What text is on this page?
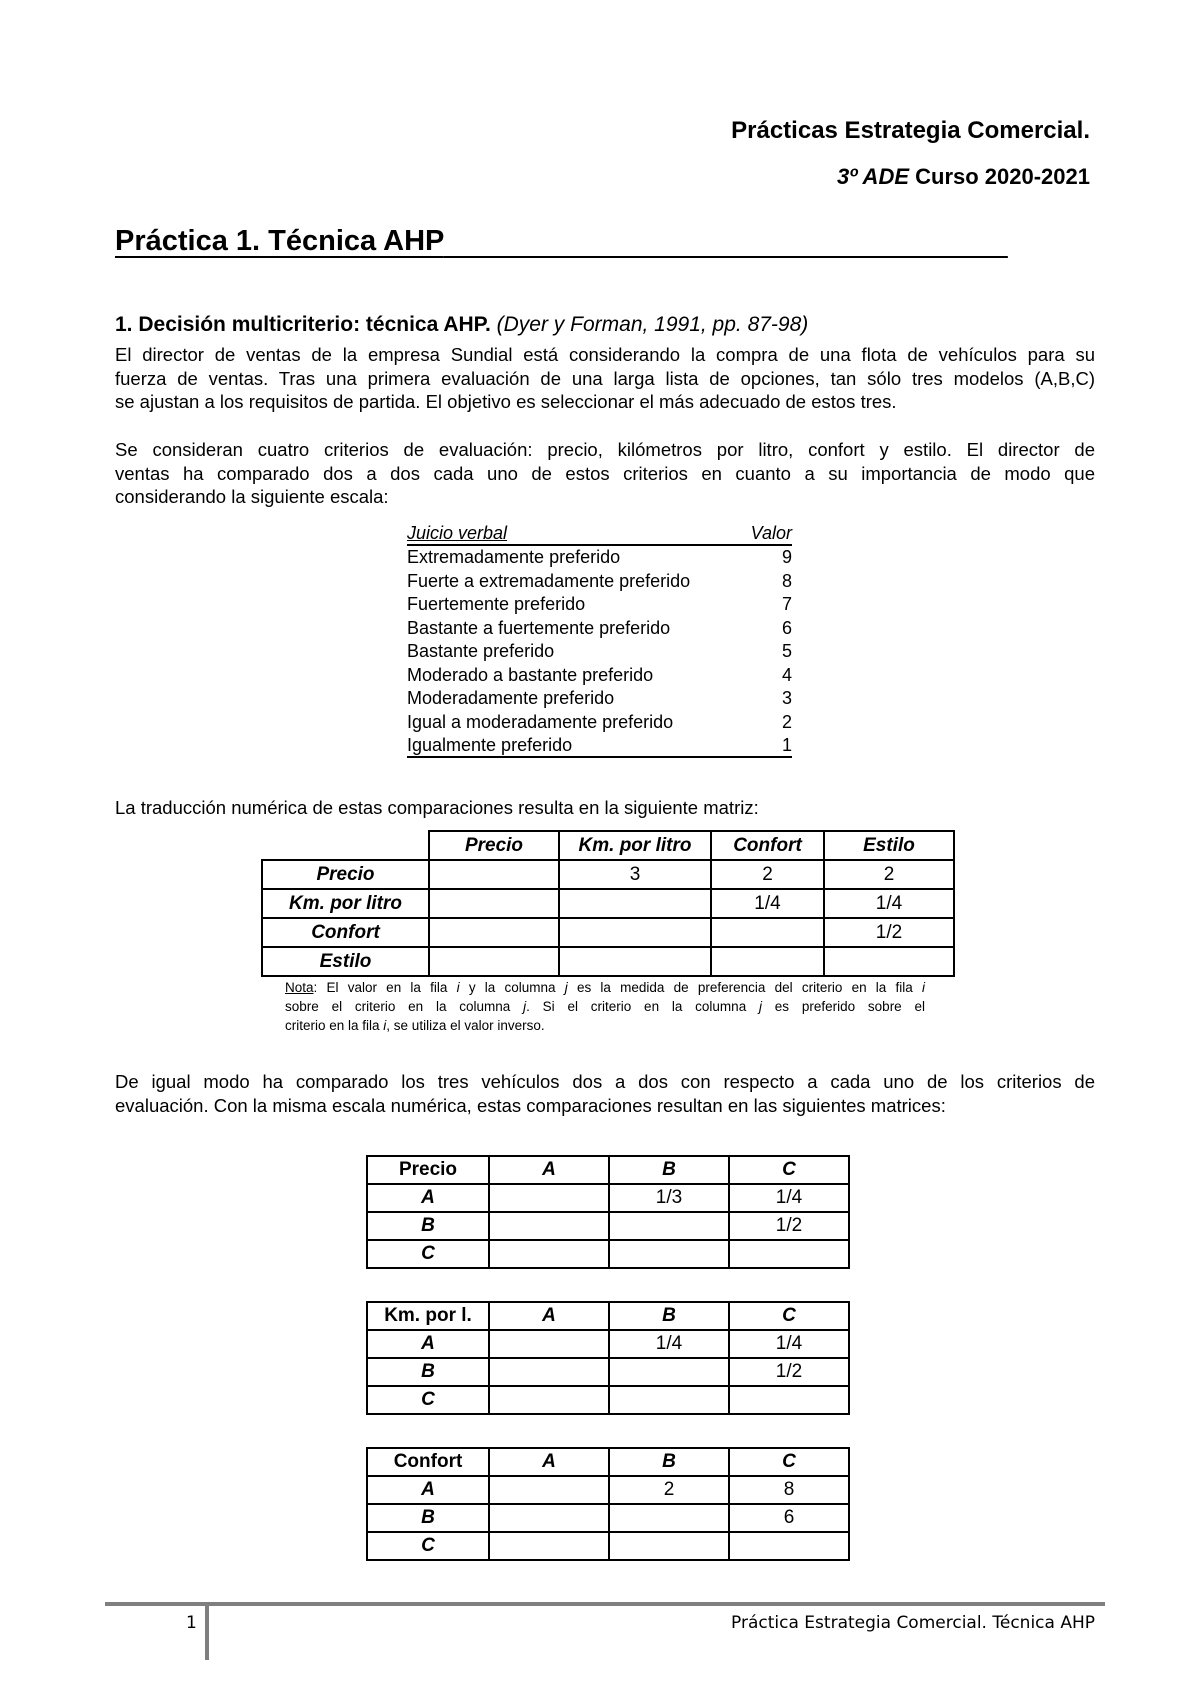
Prácticas Estrategia Comercial.
3º ADE Curso 2020-2021
Práctica 1. Técnica AHP
1. Decisión multicriterio: técnica AHP. (Dyer y Forman, 1991, pp. 87-98)
El director de ventas de la empresa Sundial está considerando la compra de una flota de vehículos para su
fuerza de ventas. Tras una primera evaluación de una larga lista de opciones, tan sólo tres modelos (A,B,C)
se ajustan a los requisitos de partida. El objetivo es seleccionar el más adecuado de estos tres.
Se consideran cuatro criterios de evaluación: precio, kilómetros por litro, confort y estilo. El director de
ventas ha comparado dos a dos cada uno de estos criterios en cuanto a su importancia de modo que
considerando la siguiente escala:
Juicio verbal	Valor
Extremadamente preferido	9
Fuerte a extremadamente preferido	8
Fuertemente preferido	7
Bastante a fuertemente preferido	6
Bastante preferido	5
Moderado a bastante preferido	4
Moderadamente preferido	3
Igual a moderadamente preferido	2
Igualmente preferido	1
La traducción numérica de estas comparaciones resulta en la siguiente matriz:
	Precio	Km. por litro	Confort	Estilo
Precio		3	2	2
Km. por litro			1/4	1/4
Confort				1/2
Estilo				
Nota: El valor en la fila i y la columna j es la medida de preferencia del criterio en la fila i
sobre el criterio en la columna j. Si el criterio en la columna j es preferido sobre el
criterio en la fila i, se utiliza el valor inverso.
De igual modo ha comparado los tres vehículos dos a dos con respecto a cada uno de los criterios de
evaluación. Con la misma escala numérica, estas comparaciones resultan en las siguientes matrices:
Precio	A	B	C
A		1/3	1/4
B			1/2
C			
Km. por l.	A	B	C
A		1/4	1/4
B			1/2
C			
Confort	A	B	C
A		2	8
B			6
C			
1	Práctica Estrategia Comercial. Técnica AHP
